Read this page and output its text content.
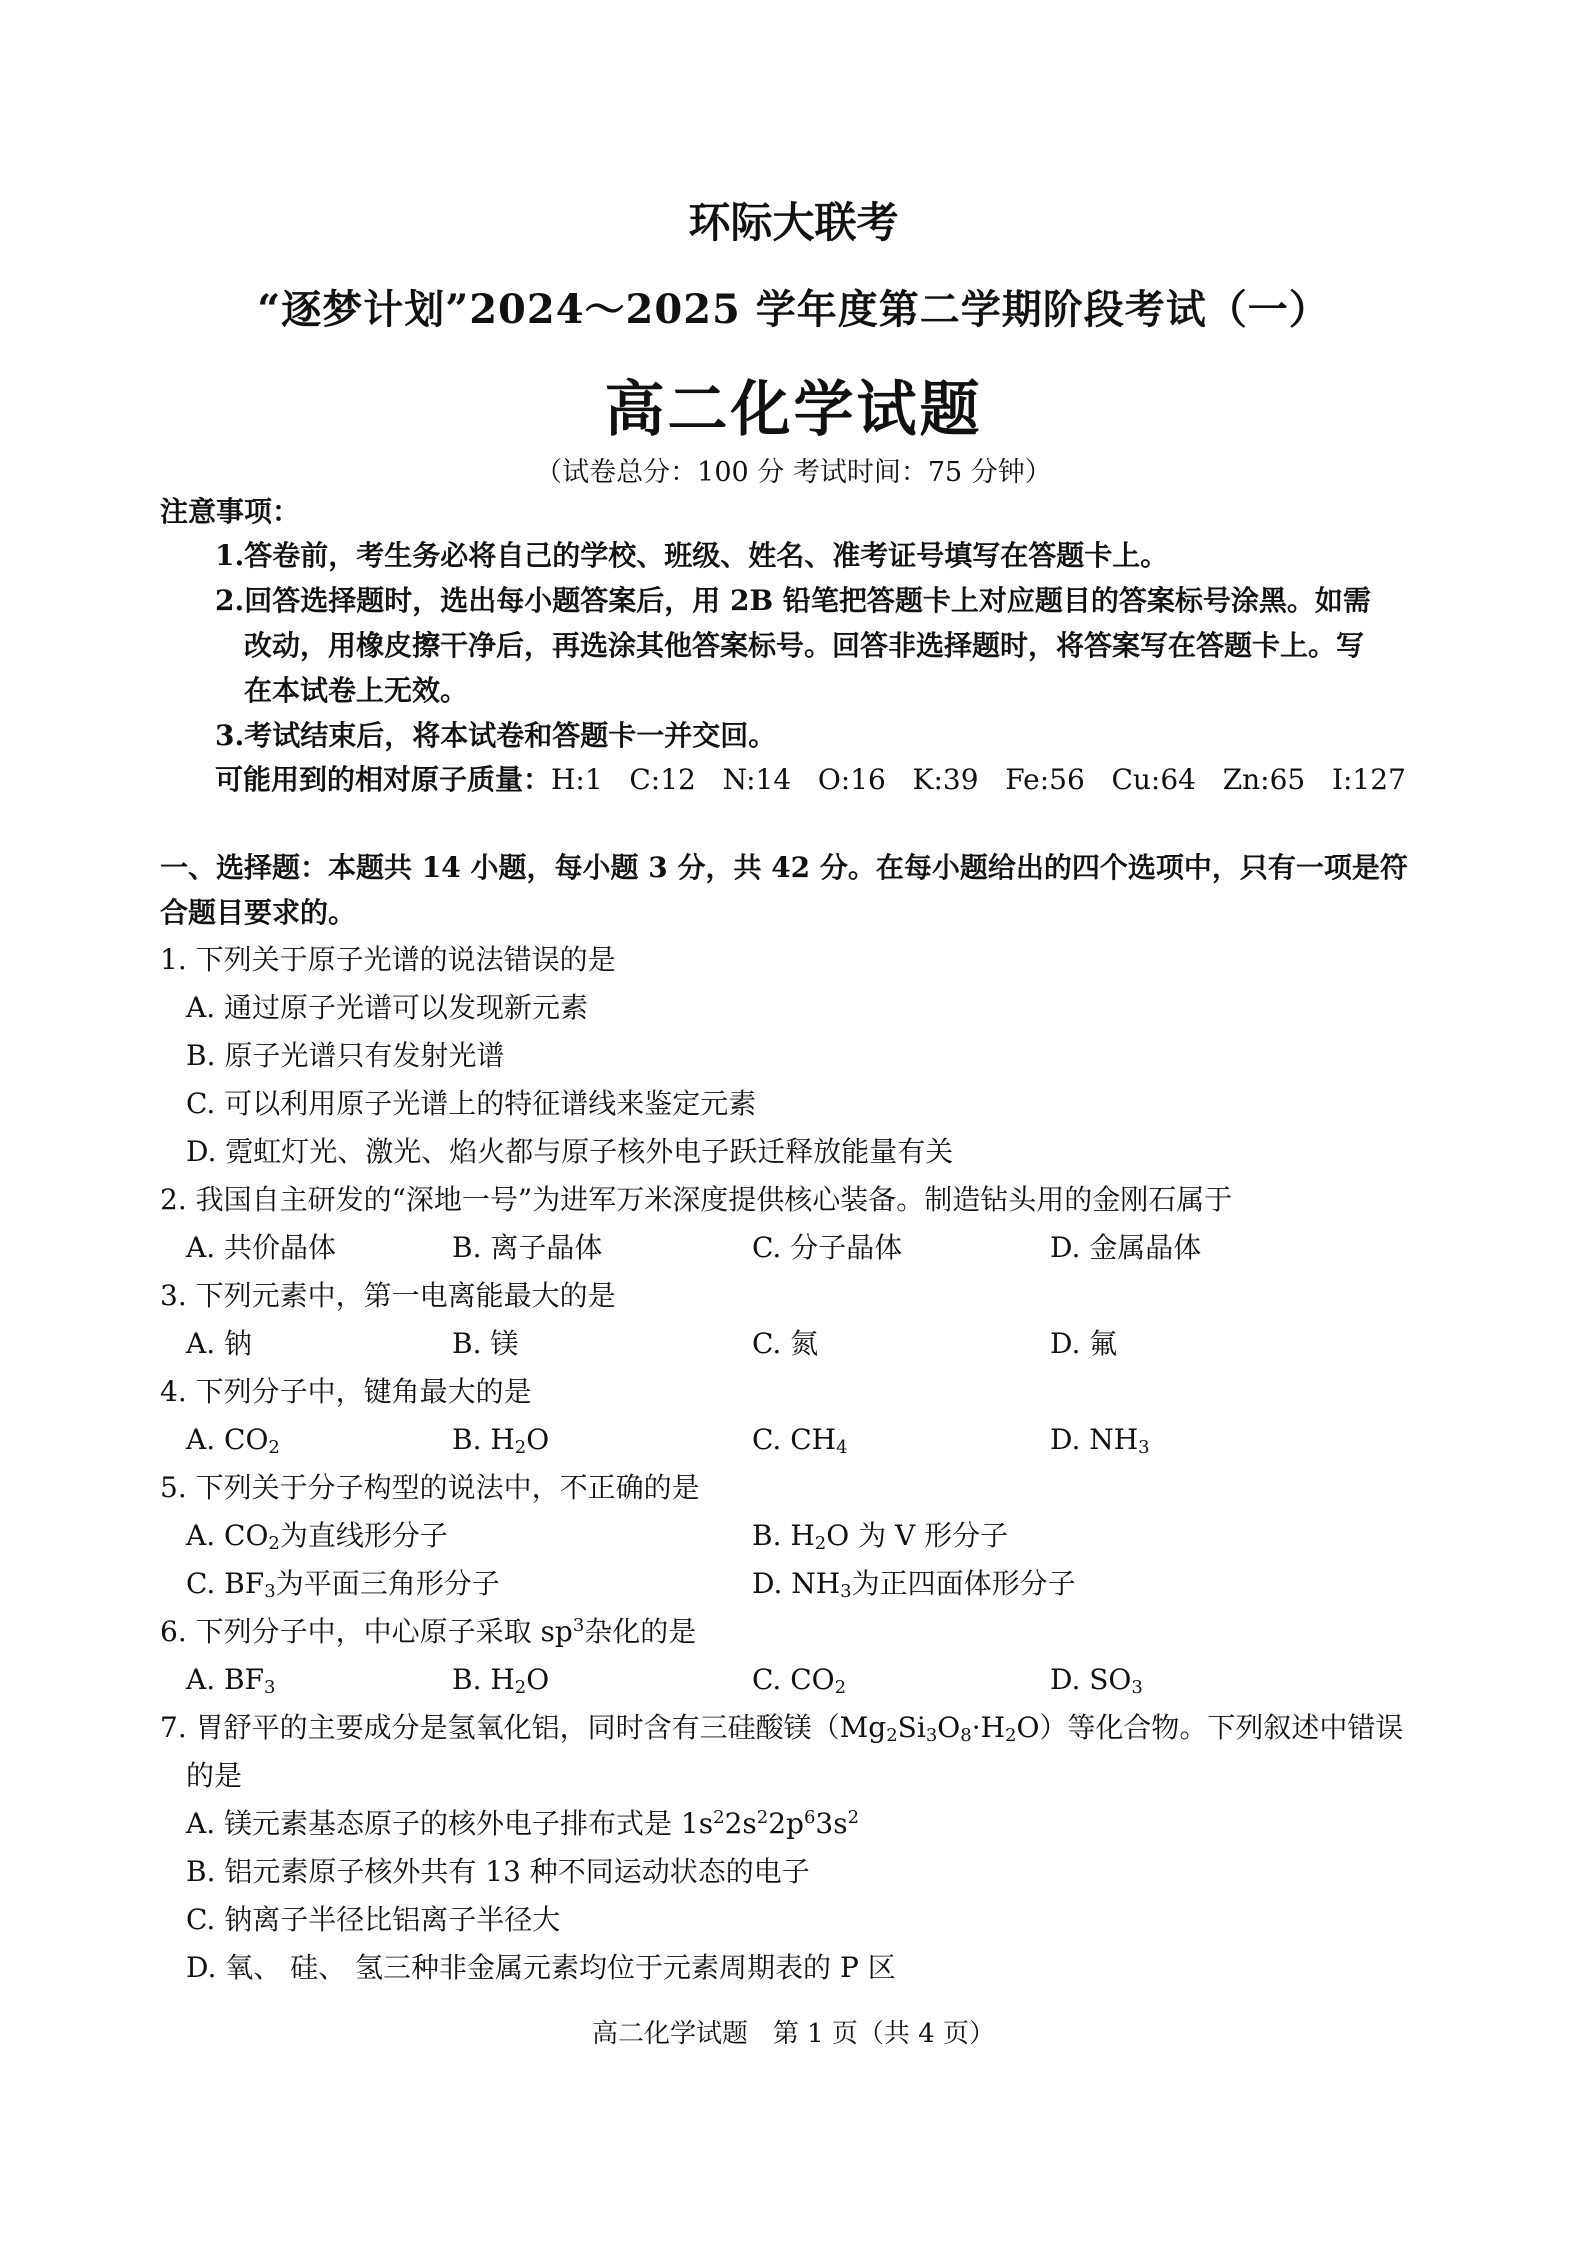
环际大联考
“逐梦计划”2024～2025 学年度第二学期阶段考试（一）
高二化学试题
（试卷总分：100 分 考试时间：75 分钟）
注意事项：
1.答卷前，考生务必将自己的学校、班级、姓名、准考证号填写在答题卡上。
2.回答选择题时，选出每小题答案后，用 2B 铅笔把答题卡上对应题目的答案标号涂黑。如需
改动，用橡皮擦干净后，再选涂其他答案标号。回答非选择题时，将答案写在答题卡上。写
在本试卷上无效。
3.考试结束后，将本试卷和答题卡一并交回。
可能用到的相对原子质量：H:1   C:12   N:14   O:16   K:39   Fe:56   Cu:64   Zn:65   I:127
一、选择题：本题共 14 小题，每小题 3 分，共 42 分。在每小题给出的四个选项中，只有一项是符
合题目要求的。
1. 下列关于原子光谱的说法错误的是
A. 通过原子光谱可以发现新元素
B. 原子光谱只有发射光谱
C. 可以利用原子光谱上的特征谱线来鉴定元素
D. 霓虹灯光、激光、焰火都与原子核外电子跃迁释放能量有关
2. 我国自主研发的“深地一号”为进军万米深度提供核心装备。制造钻头用的金刚石属于
A. 共价晶体	B. 离子晶体	C. 分子晶体	D. 金属晶体
3. 下列元素中，第一电离能最大的是
A. 钠	B. 镁	C. 氮	D. 氟
4. 下列分子中，键角最大的是
A. $CO_2$	B. $H_2O$	C. $CH_4$	D. $NH_3$
5. 下列关于分子构型的说法中，不正确的是
A. $CO_2$为直线形分子	B. $H_2O$ 为 V 形分子
C. $BF_3$为平面三角形分子	D. $NH_3$为正四面体形分子
6. 下列分子中，中心原子采取 $sp^3$杂化的是
A. $BF_3$	B. $H_2O$	C. $CO_2$	D. $SO_3$
7. 胃舒平的主要成分是氢氧化铝，同时含有三硅酸镁$(Mg_2Si_3O_8\cdot H_2O)$等化合物。下列叙述中错误
的是
A. 镁元素基态原子的核外电子排布式是 $1s^22s^22p^63s^2$
B. 铝元素原子核外共有 13 种不同运动状态的电子
C. 钠离子半径比铝离子半径大
D. 氧、 硅、 氢三种非金属元素均位于元素周期表的 P 区
高二化学试题   第 1 页（共 4 页）
